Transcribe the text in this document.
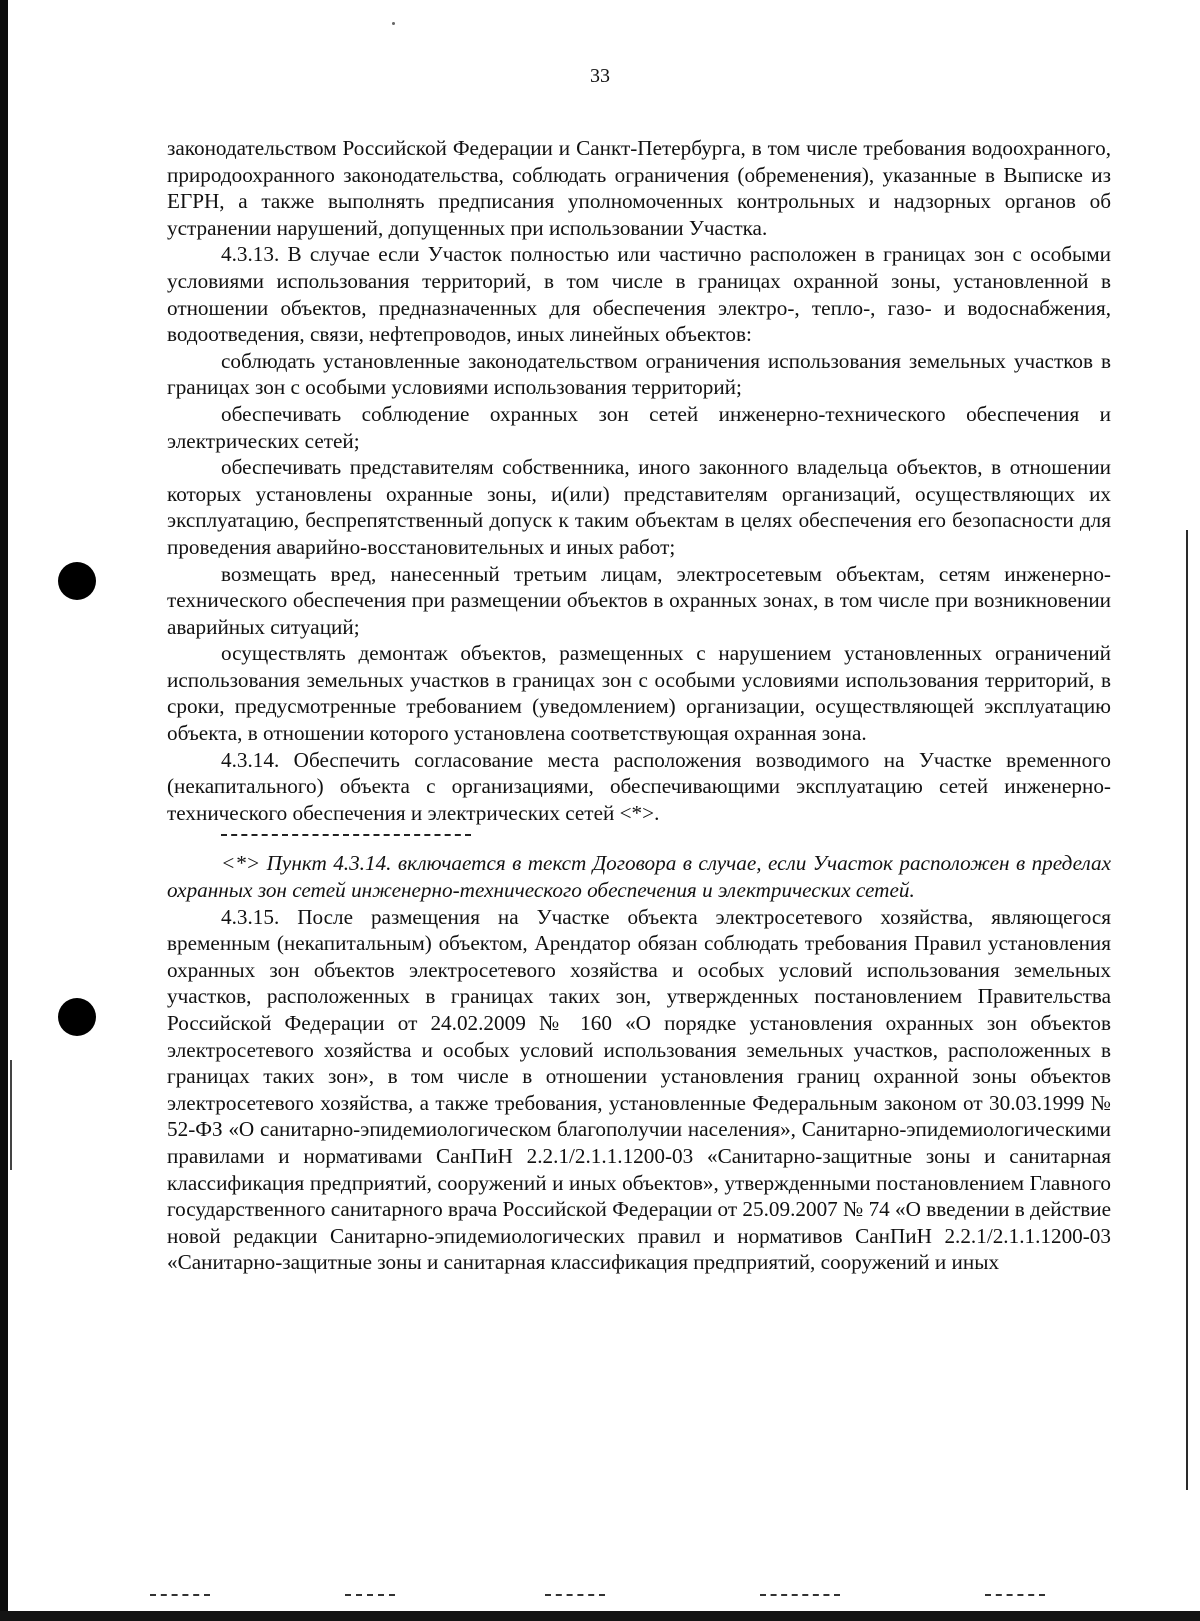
33

законодательством Российской Федерации и Санкт-Петербурга, в том числе требования водоохранного, природоохранного законодательства, соблюдать ограничения (обременения), указанные в Выписке из ЕГРН, а также выполнять предписания уполномоченных контрольных и надзорных органов об устранении нарушений, допущенных при использовании Участка.

4.3.13. В случае если Участок полностью или частично расположен в границах зон с особыми условиями использования территорий, в том числе в границах охранной зоны, установленной в отношении объектов, предназначенных для обеспечения электро-, тепло-, газо- и водоснабжения, водоотведения, связи, нефтепроводов, иных линейных объектов:

соблюдать установленные законодательством ограничения использования земельных участков в границах зон с особыми условиями использования территорий;

обеспечивать соблюдение охранных зон сетей инженерно-технического обеспечения и электрических сетей;

обеспечивать представителям собственника, иного законного владельца объектов, в отношении которых установлены охранные зоны, и(или) представителям организаций, осуществляющих их эксплуатацию, беспрепятственный допуск к таким объектам в целях обеспечения его безопасности для проведения аварийно-восстановительных и иных работ;

возмещать вред, нанесенный третьим лицам, электросетевым объектам, сетям инженерно-технического обеспечения при размещении объектов в охранных зонах, в том числе при возникновении аварийных ситуаций;

осуществлять демонтаж объектов, размещенных с нарушением установленных ограничений использования земельных участков в границах зон с особыми условиями использования территорий, в сроки, предусмотренные требованием (уведомлением) организации, осуществляющей эксплуатацию объекта, в отношении которого установлена соответствующая охранная зона.

4.3.14. Обеспечить согласование места расположения возводимого на Участке временного (некапитального) объекта с организациями, обеспечивающими эксплуатацию сетей инженерно-технического обеспечения и электрических сетей <*>.

<*> Пункт 4.3.14. включается в текст Договора в случае, если Участок расположен в пределах охранных зон сетей инженерно-технического обеспечения и электрических сетей.

4.3.15. После размещения на Участке объекта электросетевого хозяйства, являющегося временным (некапитальным) объектом, Арендатор обязан соблюдать требования Правил установления охранных зон объектов электросетевого хозяйства и особых условий использования земельных участков, расположенных в границах таких зон, утвержденных постановлением Правительства Российской Федерации от 24.02.2009 № 160 «О порядке установления охранных зон объектов электросетевого хозяйства и особых условий использования земельных участков, расположенных в границах таких зон», в том числе в отношении установления границ охранной зоны объектов электросетевого хозяйства, а также требования, установленные Федеральным законом от 30.03.1999 № 52-ФЗ «О санитарно-эпидемиологическом благополучии населения», Санитарно-эпидемиологическими правилами и нормативами СанПиН 2.2.1/2.1.1.1200-03 «Санитарно-защитные зоны и санитарная классификация предприятий, сооружений и иных объектов», утвержденными постановлением Главного государственного санитарного врача Российской Федерации от 25.09.2007 № 74 «О введении в действие новой редакции Санитарно-эпидемиологических правил и нормативов СанПиН 2.2.1/2.1.1.1200-03 «Санитарно-защитные зоны и санитарная классификация предприятий, сооружений и иных
